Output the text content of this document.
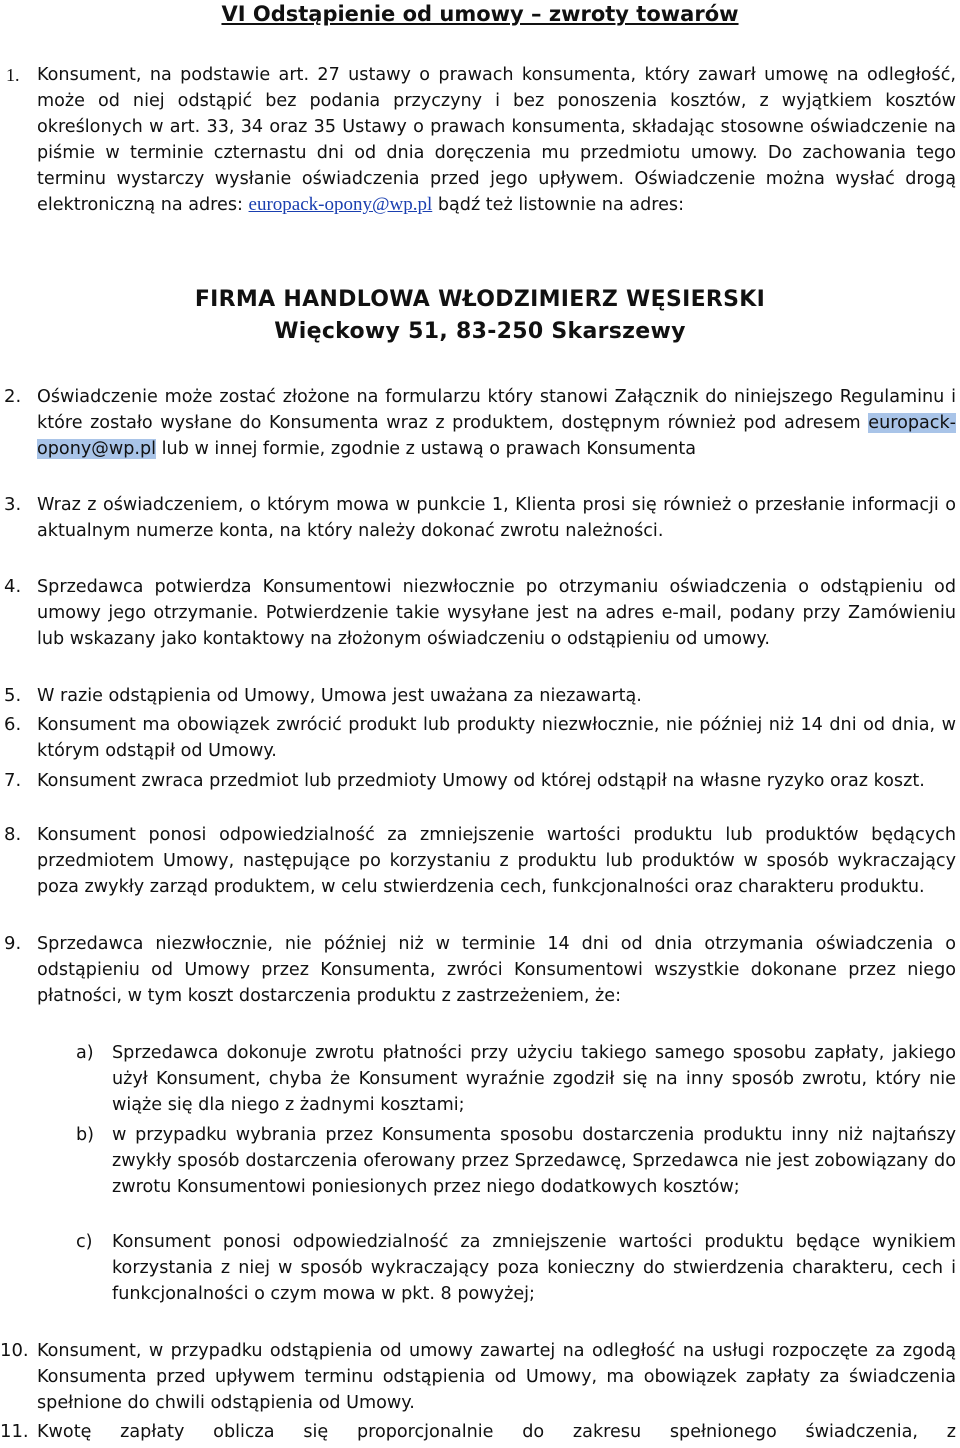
VI Odstąpienie od umowy – zwroty towarów
1. Konsument, na podstawie art. 27 ustawy o prawach konsumenta, który zawarł umowę na odległość, może od niej odstąpić bez podania przyczyny i bez ponoszenia kosztów, z wyjątkiem kosztów określonych w art. 33, 34 oraz 35 Ustawy o prawach konsumenta, składając stosowne oświadczenie na piśmie w terminie czternastu dni od dnia doręczenia mu przedmiotu umowy. Do zachowania tego terminu wystarczy wysłanie oświadczenia przed jego upływem. Oświadczenie można wysłać drogą elektroniczną na adres: europack-opony@wp.pl bądź też listownie na adres:
FIRMA HANDLOWA WŁODZIMIERZ WĘSIERSKI
Więckowy 51, 83-250 Skarszewy
2. Oświadczenie może zostać złożone na formularzu który stanowi Załącznik do niniejszego Regulaminu i które zostało wysłane do Konsumenta wraz z produktem, dostępnym również pod adresem europack-opony@wp.pl lub w innej formie, zgodnie z ustawą o prawach Konsumenta
3. Wraz z oświadczeniem, o którym mowa w punkcie 1, Klienta prosi się również o przesłanie informacji o aktualnym numerze konta, na który należy dokonać zwrotu należności.
4. Sprzedawca potwierdza Konsumentowi niezwłocznie po otrzymaniu oświadczenia o odstąpieniu od umowy jego otrzymanie. Potwierdzenie takie wysyłane jest na adres e-mail, podany przy Zamówieniu lub wskazany jako kontaktowy na złożonym oświadczeniu o odstąpieniu od umowy.
5. W razie odstąpienia od Umowy, Umowa jest uważana za niezawartą.
6. Konsument ma obowiązek zwrócić produkt lub produkty niezwłocznie, nie później niż 14 dni od dnia, w którym odstąpił od Umowy.
7. Konsument zwraca przedmiot lub przedmioty Umowy od której odstąpił na własne ryzyko oraz koszt.
8. Konsument ponosi odpowiedzialność za zmniejszenie wartości produktu lub produktów będących przedmiotem Umowy, następujące po korzystaniu z produktu lub produktów w sposób wykraczający poza zwykły zarząd produktem, w celu stwierdzenia cech, funkcjonalności oraz charakteru produktu.
9. Sprzedawca niezwłocznie, nie później niż w terminie 14 dni od dnia otrzymania oświadczenia o odstąpieniu od Umowy przez Konsumenta, zwróci Konsumentowi wszystkie dokonane przez niego płatności, w tym koszt dostarczenia produktu z zastrzeżeniem, że:
a) Sprzedawca dokonuje zwrotu płatności przy użyciu takiego samego sposobu zapłaty, jakiego użył Konsument, chyba że Konsument wyraźnie zgodził się na inny sposób zwrotu, który nie wiąże się dla niego z żadnymi kosztami;
b) w przypadku wybrania przez Konsumenta sposobu dostarczenia produktu inny niż najtańszy zwykły sposób dostarczenia oferowany przez Sprzedawcę, Sprzedawca nie jest zobowiązany do zwrotu Konsumentowi poniesionych przez niego dodatkowych kosztów;
c) Konsument ponosi odpowiedzialność za zmniejszenie wartości produktu będące wynikiem korzystania z niej w sposób wykraczający poza konieczny do stwierdzenia charakteru, cech i funkcjonalności o czym mowa w pkt. 8 powyżej;
10. Konsument, w przypadku odstąpienia od umowy zawartej na odległość na usługi rozpoczęte za zgodą Konsumenta przed upływem terminu odstąpienia od Umowy, ma obowiązek zapłaty za świadczenia spełnione do chwili odstąpienia od Umowy.
11. Kwotę zapłaty oblicza się proporcjonalnie do zakresu spełnionego świadczenia, z
